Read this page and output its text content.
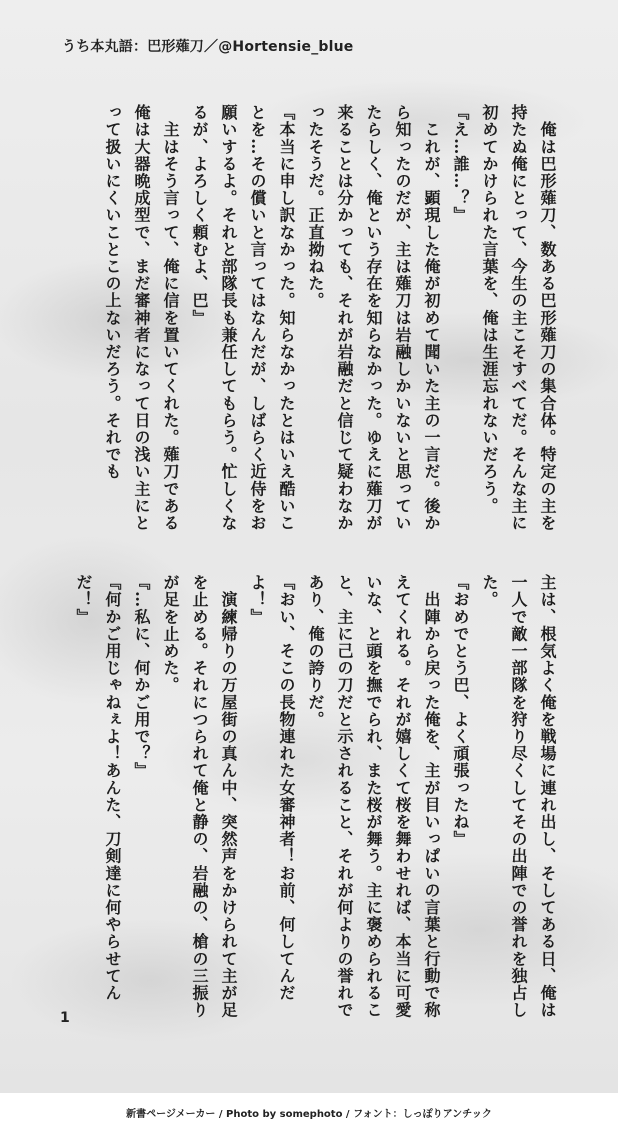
うち本丸語：巴形薙刀／@Hortensie_blue

　俺は巴形薙刀、数ある巴形薙刀の集合体。特定の主を持たぬ俺にとって、今生の主こそすべてだ。そんな主に初めてかけられた言葉を、俺は生涯忘れないだろう。

『え…誰…？』

　これが、顕現した俺が初めて聞いた主の一言だ。後から知ったのだが、主は薙刀は岩融しかいないと思っていたらしく、俺という存在を知らなかった。ゆえに薙刀が来ることは分かっても、それが岩融だと信じて疑わなかったそうだ。正直拗ねた。

『本当に申し訳なかった。知らなかったとはいえ酷いことを…その償いと言ってはなんだが、しばらく近侍をお願いするよ。それと部隊長も兼任してもらう。忙しくなるが、よろしく頼むよ、巴』

　主はそう言って、俺に信を置いてくれた。薙刀である俺は大器晩成型で、まだ審神者になって日の浅い主にとって扱いにくいことこの上ないだろう。それでも

主は、根気よく俺を戦場に連れ出し、そしてある日、俺は一人で敵一部隊を狩り尽くしてその出陣での誉れを独占した。

『おめでとう巴、よく頑張ったね』

　出陣から戻った俺を、主が目いっぱいの言葉と行動で称えてくれる。それが嬉しくて桜を舞わせれば、本当に可愛いな、と頭を撫でられ、また桜が舞う。主に褒められること、主に己の刀だと示されること、それが何よりの誉れであり、俺の誇りだ。

『おい、そこの長物連れた女審神者！お前、何してんだよ！』

　演練帰りの万屋街の真ん中、突然声をかけられて主が足を止める。それにつられて俺と静の、岩融の、槍の三振りが足を止めた。

『…私に、何かご用で？』

『何かご用じゃねぇよ！あんた、刀剣達に何やらせてんだ！』

1
新書ページメーカー / Photo by somephoto / フォント：しっぽりアンチック
